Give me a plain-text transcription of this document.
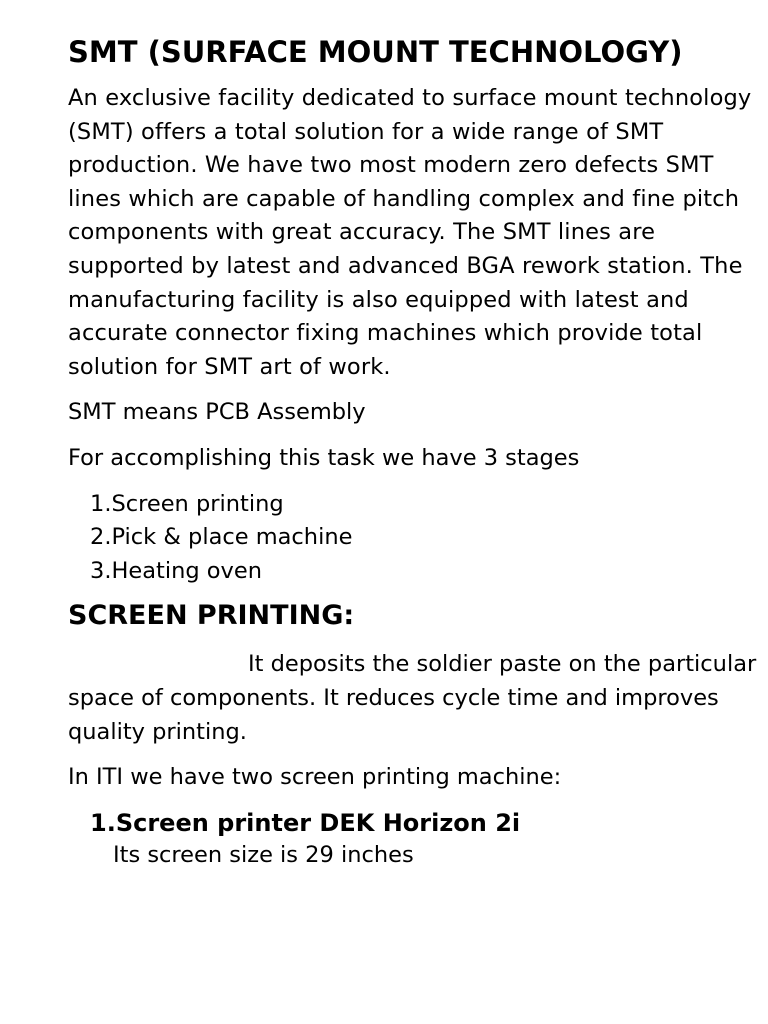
SMT (SURFACE MOUNT TECHNOLOGY)

An exclusive facility dedicated to surface mount technology (SMT) offers a total solution for a wide range of SMT production. We have two most modern zero defects SMT lines which are capable of handling complex and fine pitch components with great accuracy. The SMT lines are supported by latest and advanced BGA rework station. The manufacturing facility is also equipped with latest and accurate connector fixing machines which provide total solution for SMT art of work.

SMT means PCB Assembly

For accomplishing this task we have 3 stages

1.Screen printing
2.Pick & place machine
3.Heating oven
SCREEN PRINTING:

It deposits the soldier paste on the particular space of components. It reduces cycle time and improves quality printing.

In ITI we have two screen printing machine:

1.Screen printer DEK Horizon 2i

Its screen size is 29 inches
